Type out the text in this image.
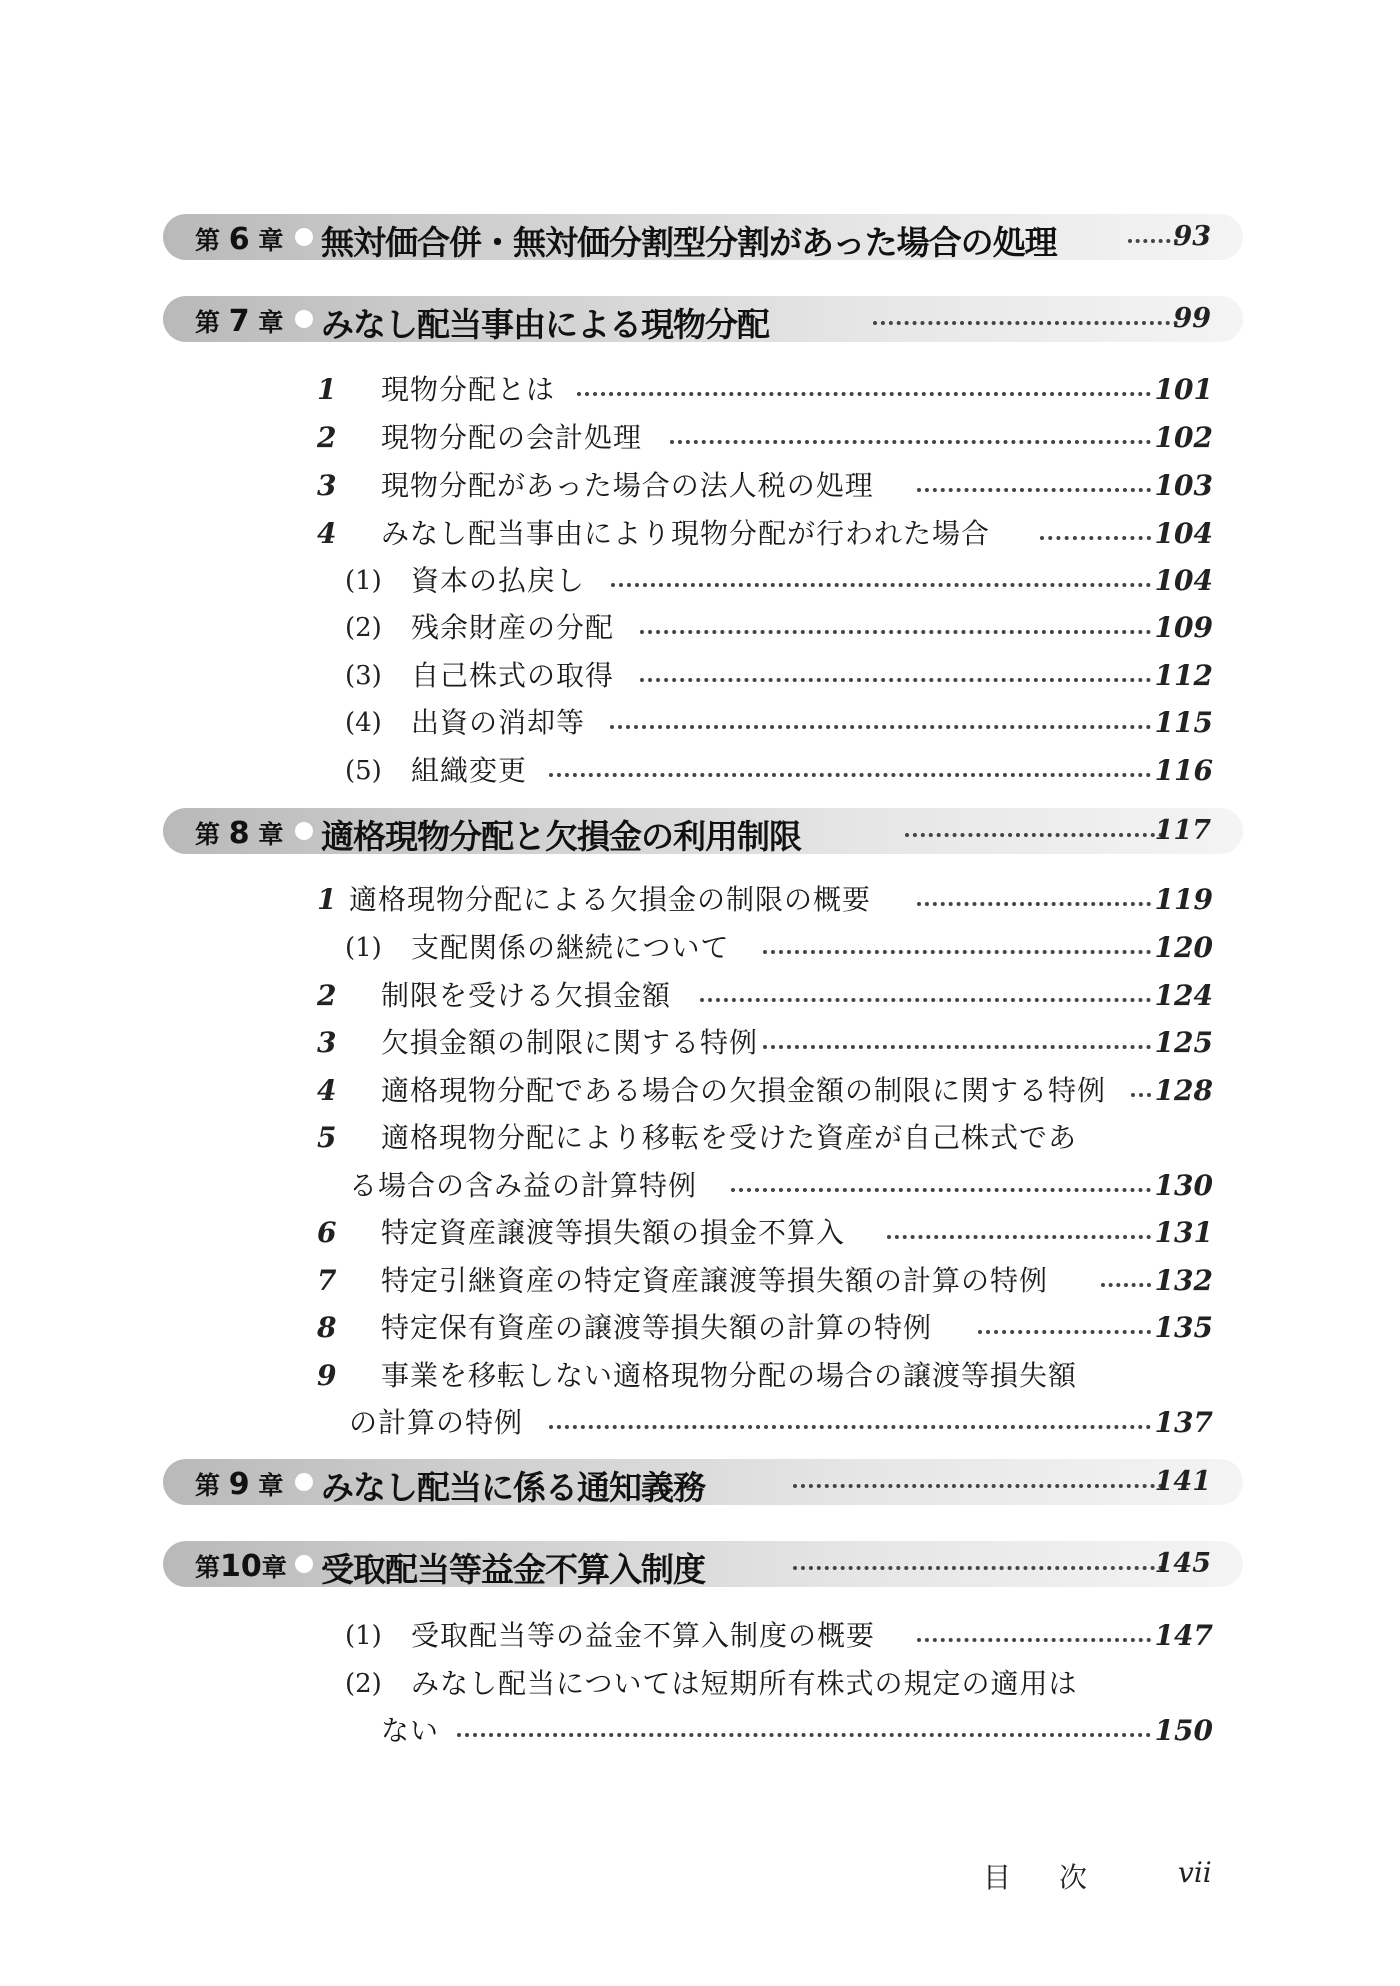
第 6 章 無対価合併・無対価分割型分割があった場合の処理	93
第 7 章 みなし配当事由による現物分配	99
1 現物分配とは	101
2 現物分配の会計処理	102
3 現物分配があった場合の法人税の処理	103
4 みなし配当事由により現物分配が行われた場合	104
(1) 資本の払戻し	104
(2) 残余財産の分配	109
(3) 自己株式の取得	112
(4) 出資の消却等	115
(5) 組織変更	116
第 8 章 適格現物分配と欠損金の利用制限	117
1 適格現物分配による欠損金の制限の概要	119
(1) 支配関係の継続について	120
2 制限を受ける欠損金額	124
3 欠損金額の制限に関する特例	125
4 適格現物分配である場合の欠損金額の制限に関する特例 128
5 適格現物分配により移転を受けた資産が自己株式であ
る場合の含み益の計算特例	130
6 特定資産譲渡等損失額の損金不算入	131
7 特定引継資産の特定資産譲渡等損失額の計算の特例	132
8 特定保有資産の譲渡等損失額の計算の特例	135
9 事業を移転しない適格現物分配の場合の譲渡等損失額
の計算の特例	137
第 9 章 みなし配当に係る通知義務	141
第10章 受取配当等益金不算入制度	145
(1) 受取配当等の益金不算入制度の概要	147
(2) みなし配当については短期所有株式の規定の適用は
ない	150
目次 vii
